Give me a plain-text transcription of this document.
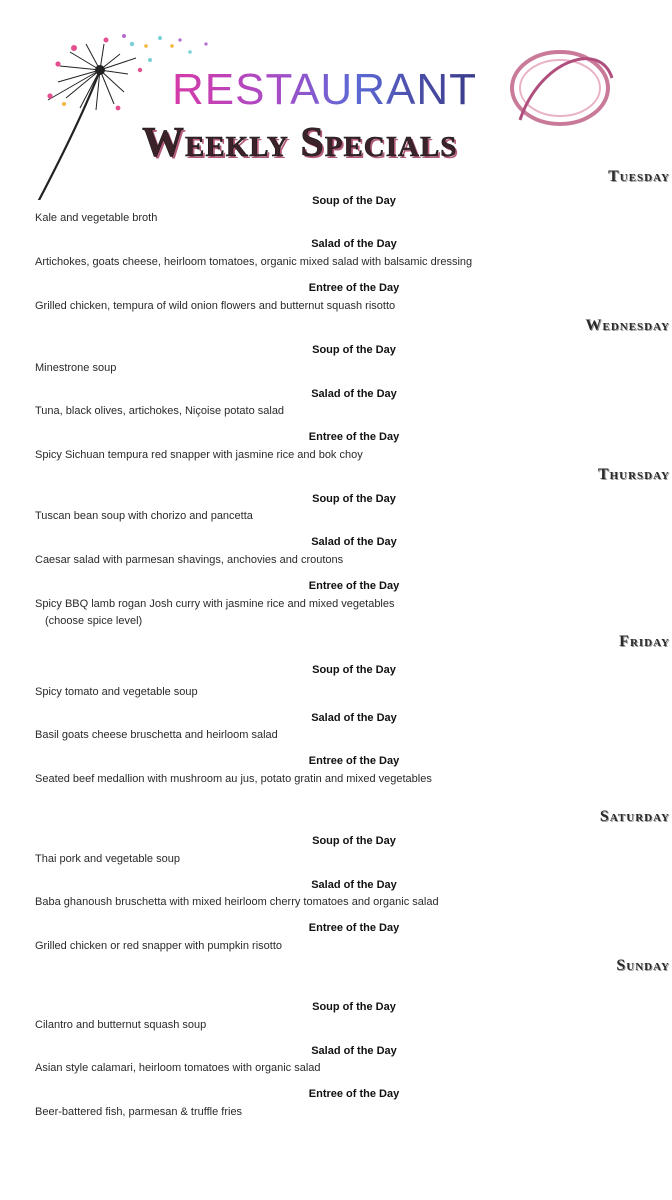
RESTAURANT
Weekly Specials
Tuesday
Soup of the Day
Kale and vegetable broth
Salad of the Day
Artichokes, goats cheese, heirloom tomatoes, organic mixed salad with balsamic dressing
Entree of the Day
Grilled chicken, tempura of wild onion flowers and butternut squash risotto
Wednesday
Soup of the Day
Minestrone soup
Salad of the Day
Tuna, black olives, artichokes, Niçoise potato salad
Entree of the Day
Spicy Sichuan tempura red snapper with jasmine rice and bok choy
Thursday
Soup of the Day
Tuscan bean soup with chorizo and pancetta
Salad of the Day
Caesar salad with parmesan shavings, anchovies and croutons
Entree of the Day
Spicy BBQ lamb rogan Josh curry with jasmine rice and mixed vegetables
(choose spice level)
Friday
Soup of the Day
Spicy tomato and vegetable soup
Salad of the Day
Basil goats cheese bruschetta and heirloom salad
Entree of the Day
Seated beef medallion with mushroom au jus, potato gratin and mixed vegetables
Saturday
Soup of the Day
Thai pork and vegetable soup
Salad of the Day
Baba ghanoush bruschetta with mixed heirloom cherry tomatoes and organic salad
Entree of the Day
Grilled chicken or red snapper with pumpkin risotto
Sunday
Soup of the Day
Cilantro and butternut squash soup
Salad of the Day
Asian style calamari, heirloom tomatoes with organic salad
Entree of the Day
Beer-battered fish, parmesan & truffle fries
